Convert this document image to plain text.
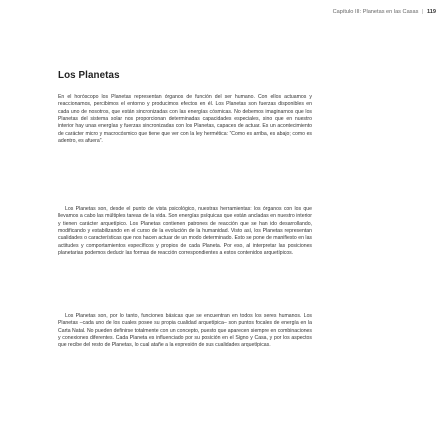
Capítulo III: Planetas en las Casas | 119
Los Planetas

En el horóscopo los Planetas representan órganos de función del ser humano. Con ellos actuamos y reaccionamos, percibimos el entorno y producimos efectos en él. Los Planetas son fuerzas disponibles en cada uno de nosotros, que están sincronizadas con las energías cósmicas. No debemos imaginarnos que los Planetas del sistema solar nos proporcionan determinadas capacidades especiales, sino que en nuestro interior hay unas energías y fuerzas sincronizadas con los Planetas, capaces de actuar. Es un acontecimiento de carácter micro y macrocósmico que tiene que ver con la ley hermética: “Como es arriba, es abajo; como es adentro, es afuera”.

Los Planetas son, desde el punto de vista psicológico, nuestras herramientas: los órganos con los que llevamos a cabo las múltiples tareas de la vida. Son energías psíquicas que están ancladas en nuestro interior y tienen carácter arquetípico. Los Planetas contienen patrones de reacción que se han ido desarrollando, modificando y estabilizando en el curso de la evolución de la humanidad. Visto así, los Planetas representan cualidades o características que nos hacen actuar de un modo determinado. Esto se pone de manifiesto en las actitudes y comportamientos específicos y propios de cada Planeta. Por eso, al interpretar las posiciones planetarias podemos deducir las formas de reacción correspondientes a estos contenidos arquetípicos.

Los Planetas son, por lo tanto, funciones básicas que se encuentran en todos los seres humanos. Los Planetas –cada uno de los cuales posee su propia cualidad arquetípica– son puntos focales de energía en la Carta Natal. No pueden definirse totalmente con un concepto, puesto que aparecen siempre en combinaciones y conexiones diferentes. Cada Planeta es influenciado por su posición en el Signo y Casa, y por los aspectos que recibe del resto de Planetas, lo cual atañe a la expresión de sus cualidades arquetípicas.
